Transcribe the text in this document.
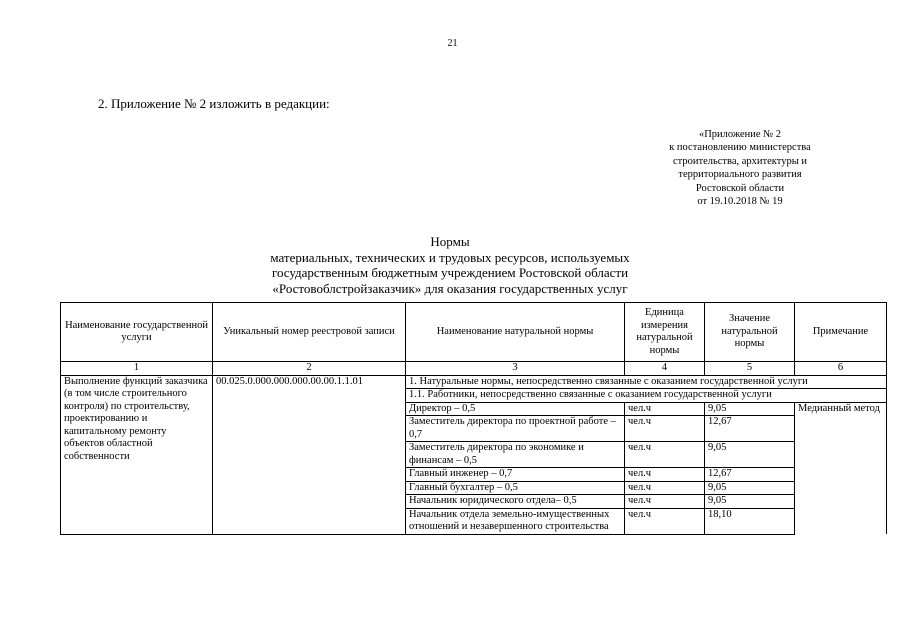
21
2. Приложение № 2 изложить в редакции:
«Приложение № 2
к постановлению министерства
строительства, архитектуры и
территориального развития
Ростовской области
от 19.10.2018 № 19
Нормы
материальных, технических и трудовых ресурсов, используемых
государственным бюджетным учреждением Ростовской области
«Ростовоблстройзаказчик» для оказания государственных услуг
Наименование государственной услуги	Уникальный номер реестровой записи	Наименование натуральной нормы	Единица измерения натуральной нормы	Значение натуральной нормы	Примечание
1	2	3	4	5	6
Выполнение функций заказчика (в том числе строительного контроля) по строительству, проектированию и капитальному ремонту объектов областной собственности	00.025.0.000.000.000.00.00.1.1.01	1. Натуральные нормы, непосредственно связанные с оказанием государственной услуги			
		1.1. Работники, непосредственно связанные с оказанием государственной услуги			
		Директор – 0,5	чел.ч	9,05	Медианный метод
		Заместитель директора по проектной работе – 0,7	чел.ч	12,67	
		Заместитель директора по экономике и финансам – 0,5	чел.ч	9,05	
		Главный инженер – 0,7	чел.ч	12,67	
		Главный бухгалтер – 0,5	чел.ч	9,05	
		Начальник юридического отдела– 0,5	чел.ч	9,05	
		Начальник отдела земельно-имущественных отношений и незавершенного строительства	чел.ч	18,10	
